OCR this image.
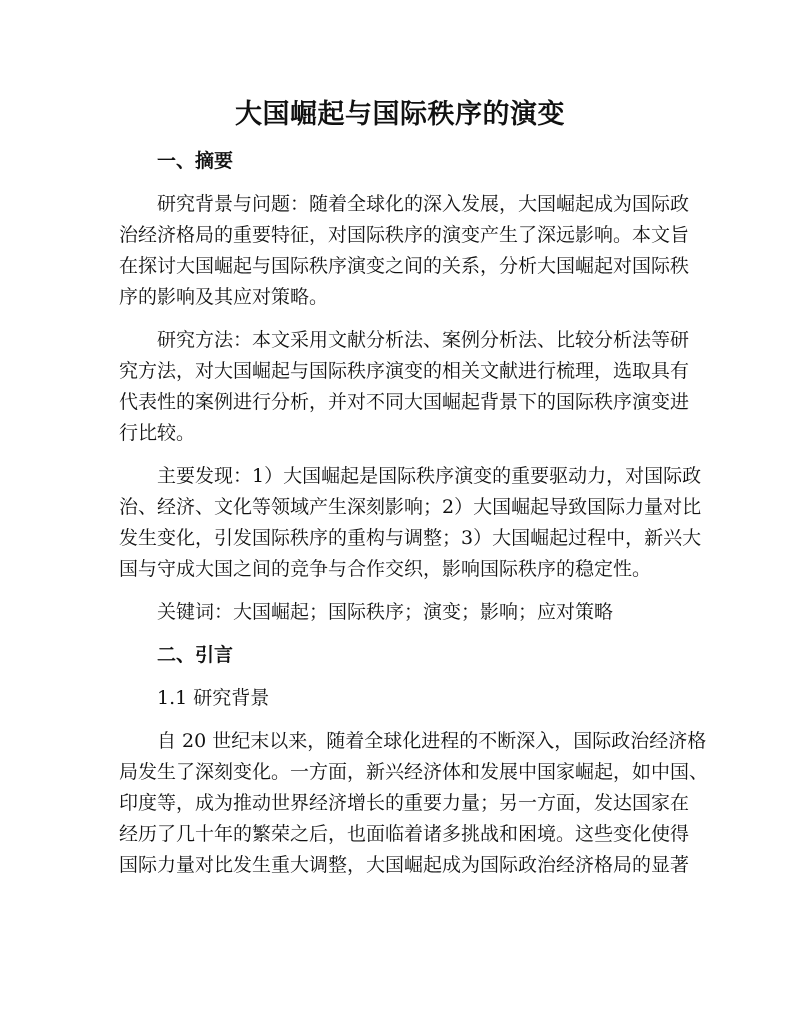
大国崛起与国际秩序的演变
一、摘要
研究背景与问题：随着全球化的深入发展，大国崛起成为国际政
治经济格局的重要特征，对国际秩序的演变产生了深远影响。本文旨
在探讨大国崛起与国际秩序演变之间的关系，分析大国崛起对国际秩
序的影响及其应对策略。
研究方法：本文采用文献分析法、案例分析法、比较分析法等研
究方法，对大国崛起与国际秩序演变的相关文献进行梳理，选取具有
代表性的案例进行分析，并对不同大国崛起背景下的国际秩序演变进
行比较。
主要发现：1）大国崛起是国际秩序演变的重要驱动力，对国际政
治、经济、文化等领域产生深刻影响；2）大国崛起导致国际力量对比
发生变化，引发国际秩序的重构与调整；3）大国崛起过程中，新兴大
国与守成大国之间的竞争与合作交织，影响国际秩序的稳定性。
关键词：大国崛起；国际秩序；演变；影响；应对策略
二、引言
1.1 研究背景
自 20 世纪末以来，随着全球化进程的不断深入，国际政治经济格
局发生了深刻变化。一方面，新兴经济体和发展中国家崛起，如中国、
印度等，成为推动世界经济增长的重要力量；另一方面，发达国家在
经历了几十年的繁荣之后，也面临着诸多挑战和困境。这些变化使得
国际力量对比发生重大调整，大国崛起成为国际政治经济格局的显著
